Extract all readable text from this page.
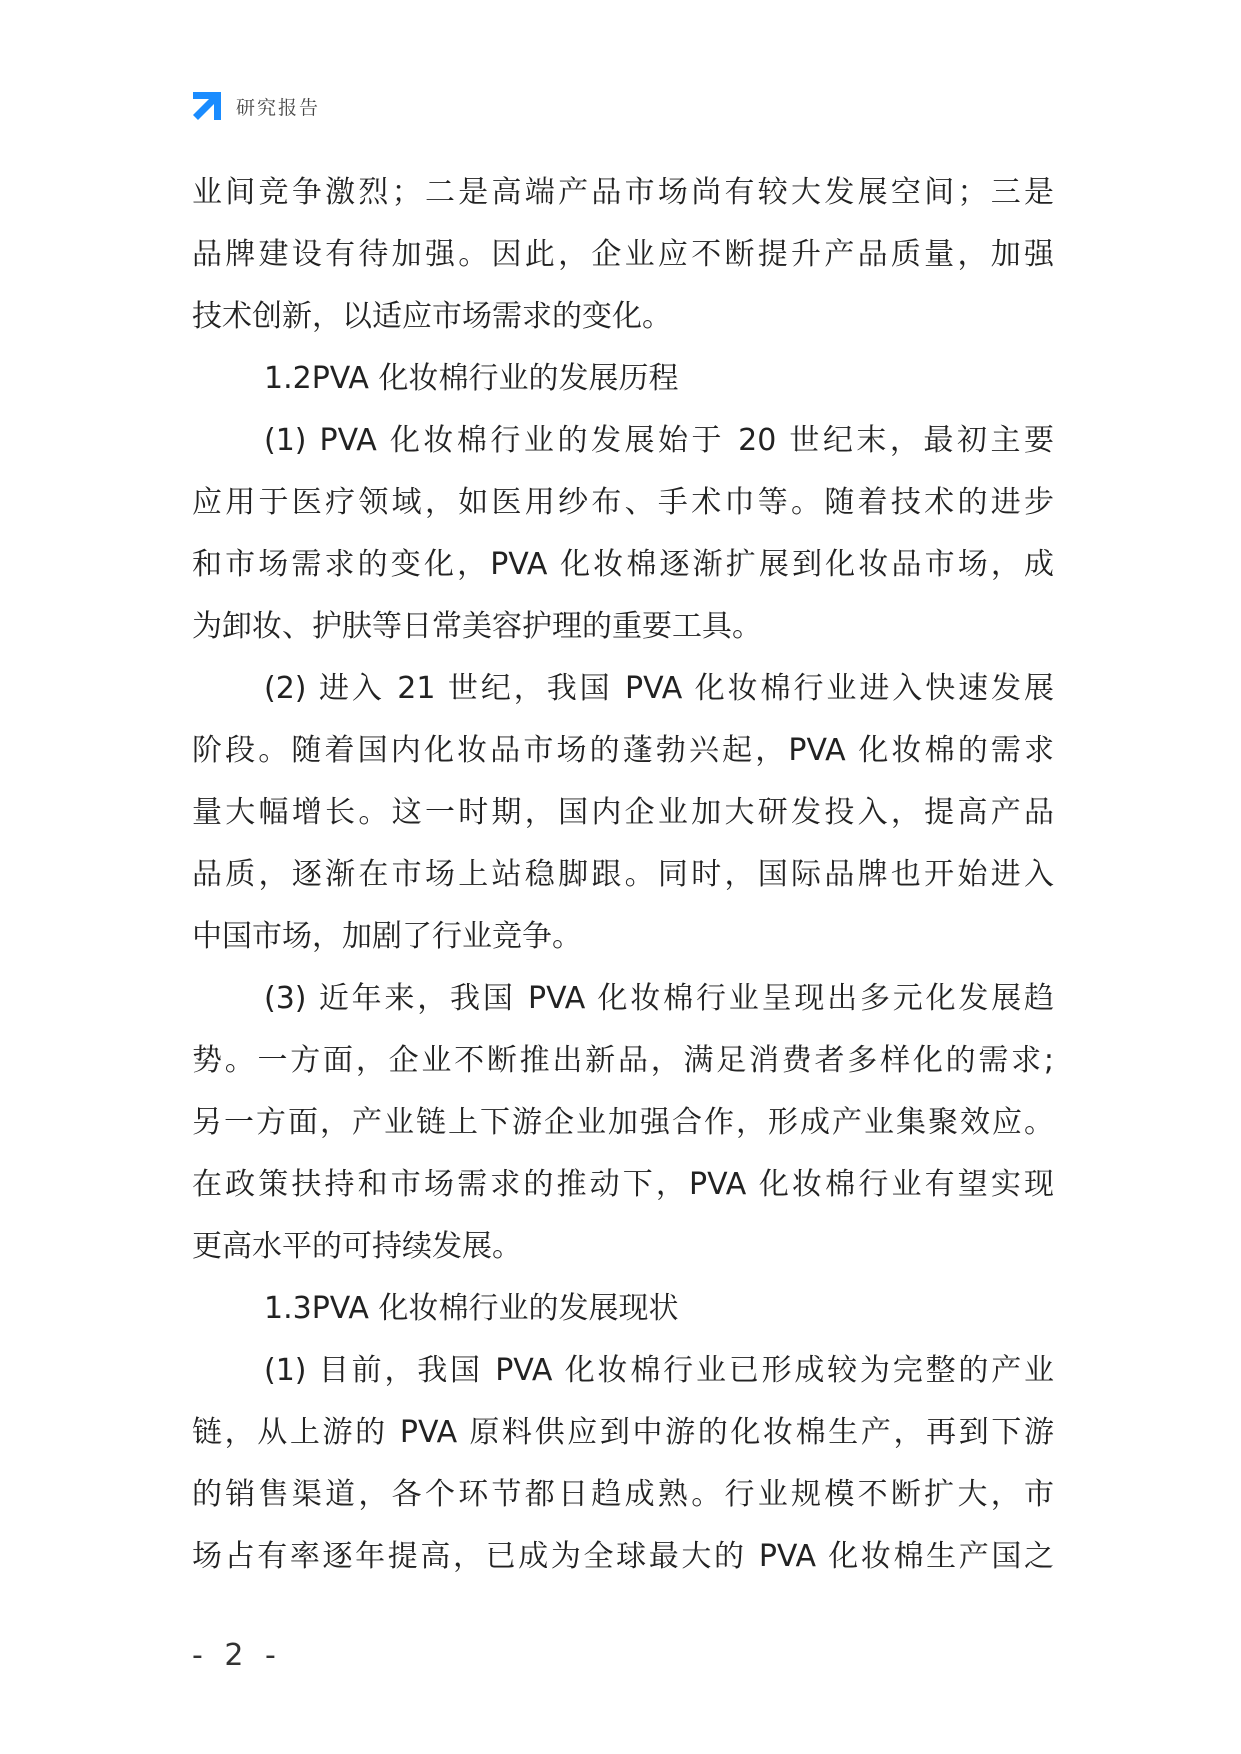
研究报告
业间竞争激烈；二是高端产品市场尚有较大发展空间；三是
品牌建设有待加强。因此，企业应不断提升产品质量，加强
技术创新，以适应市场需求的变化。
1.2PVA 化妆棉行业的发展历程
(1) PVA 化妆棉行业的发展始于 20 世纪末，最初主要
应用于医疗领域，如医用纱布、手术巾等。随着技术的进步
和市场需求的变化，PVA 化妆棉逐渐扩展到化妆品市场，成
为卸妆、护肤等日常美容护理的重要工具。
(2) 进入 21 世纪，我国 PVA 化妆棉行业进入快速发展
阶段。随着国内化妆品市场的蓬勃兴起，PVA 化妆棉的需求
量大幅增长。这一时期，国内企业加大研发投入，提高产品
品质，逐渐在市场上站稳脚跟。同时，国际品牌也开始进入
中国市场，加剧了行业竞争。
(3) 近年来，我国 PVA 化妆棉行业呈现出多元化发展趋
势。一方面，企业不断推出新品，满足消费者多样化的需求;
另一方面，产业链上下游企业加强合作，形成产业集聚效应。
在政策扶持和市场需求的推动下，PVA 化妆棉行业有望实现
更高水平的可持续发展。
1.3PVA 化妆棉行业的发展现状
(1) 目前，我国 PVA 化妆棉行业已形成较为完整的产业
链，从上游的 PVA 原料供应到中游的化妆棉生产，再到下游
的销售渠道，各个环节都日趋成熟。行业规模不断扩大，市
场占有率逐年提高，已成为全球最大的 PVA 化妆棉生产国之
- 2 -
